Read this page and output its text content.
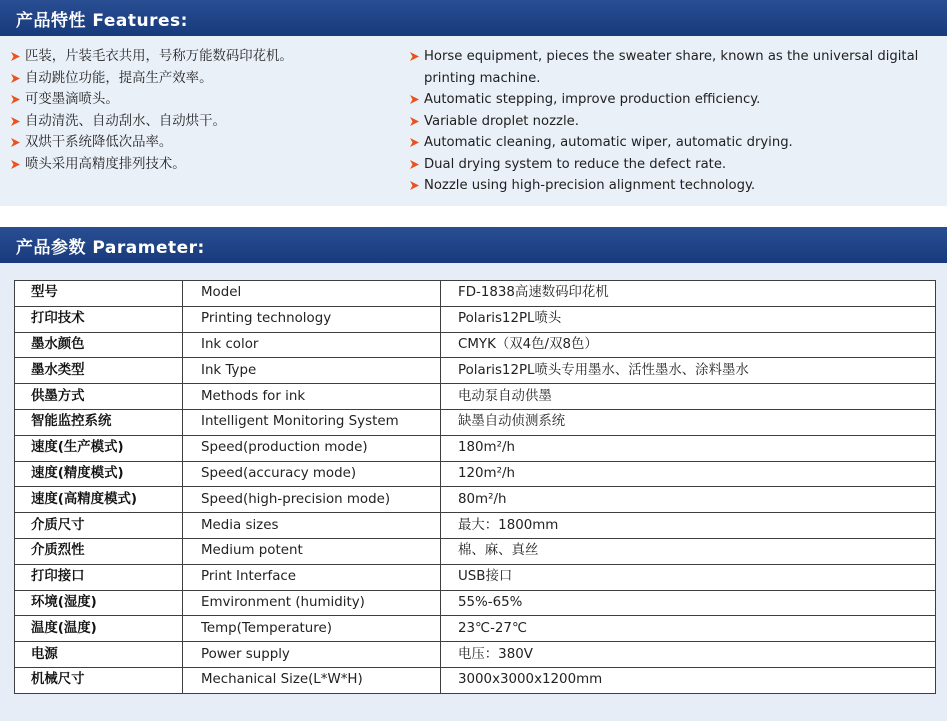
产品特性 Features:
匹装，片装毛衣共用，号称万能数码印花机。
自动跳位功能，提高生产效率。
可变墨滴喷头。
自动清洗、自动刮水、自动烘干。
双烘干系统降低次品率。
喷头采用高精度排列技术。
Horse equipment, pieces the sweater share, known as the universal digital printing machine.
Automatic stepping, improve production efficiency.
Variable droplet nozzle.
Automatic cleaning, automatic wiper, automatic drying.
Dual drying system to reduce the defect rate.
Nozzle using high-precision alignment technology.
产品参数 Parameter:
型号	Model	FD-1838高速数码印花机
打印技术	Printing technology	Polaris12PL喷头
墨水颜色	Ink color	CMYK（双4色/双8色）
墨水类型	Ink Type	Polaris12PL喷头专用墨水、活性墨水、涂料墨水
供墨方式	Methods for ink	电动泵自动供墨
智能监控系统	Intelligent Monitoring System	缺墨自动侦测系统
速度(生产模式)	Speed(production mode)	180m²/h
速度(精度模式)	Speed(accuracy mode)	120m²/h
速度(高精度模式)	Speed(high-precision mode)	80m²/h
介质尺寸	Media sizes	最大：1800mm
介质烈性	Medium potent	棉、麻、真丝
打印接口	Print Interface	USB接口
环境(湿度)	Emvironment (humidity)	55%-65%
温度(温度)	Temp(Temperature)	23℃-27℃
电源	Power supply	电压：380V
机械尺寸	Mechanical Size(L*W*H)	3000x3000x1200mm
